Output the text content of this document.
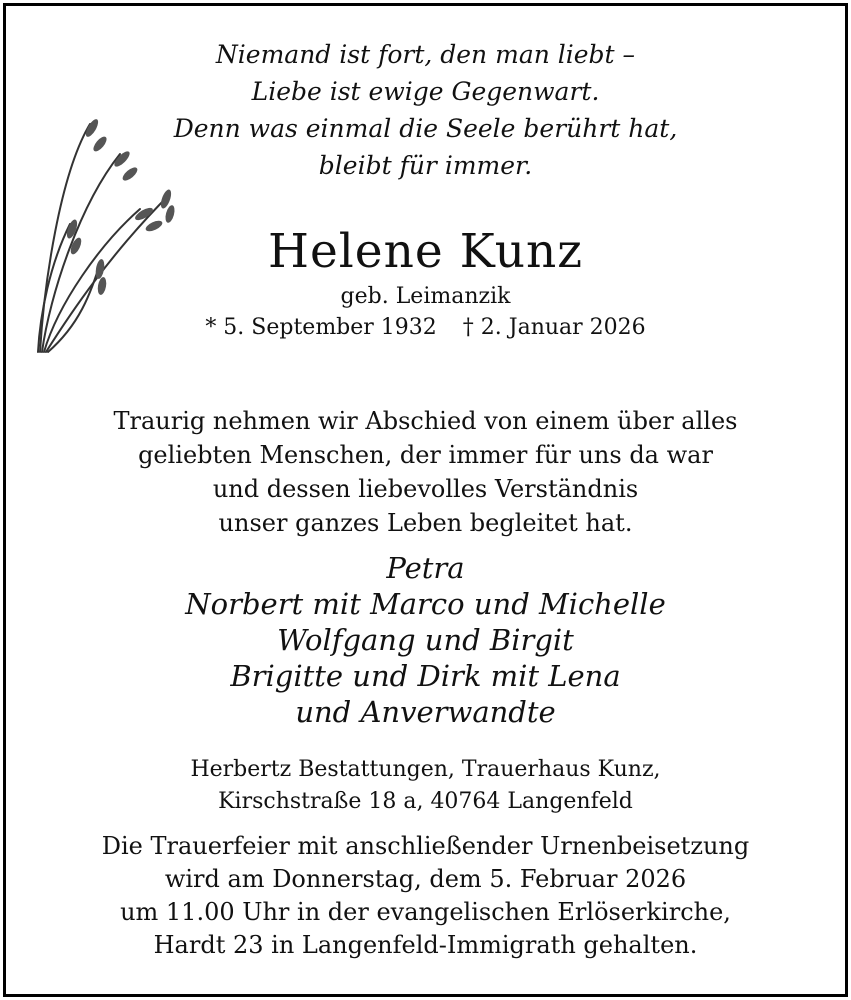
Niemand ist fort, den man liebt –
Liebe ist ewige Gegenwart.
Denn was einmal die Seele berührt hat,
bleibt für immer.
Helene Kunz
geb. Leimanzik
* 5. September 1932 † 2. Januar 2026
Traurig nehmen wir Abschied von einem über alles
geliebten Menschen, der immer für uns da war
und dessen liebevolles Verständnis
unser ganzes Leben begleitet hat.
Petra
Norbert mit Marco und Michelle
Wolfgang und Birgit
Brigitte und Dirk mit Lena
und Anverwandte
Herbertz Bestattungen, Trauerhaus Kunz,
Kirschstraße 18 a, 40764 Langenfeld
Die Trauerfeier mit anschließender Urnenbeisetzung
wird am Donnerstag, dem 5. Februar 2026
um 11.00 Uhr in der evangelischen Erlöserkirche,
Hardt 23 in Langenfeld-Immigrath gehalten.
